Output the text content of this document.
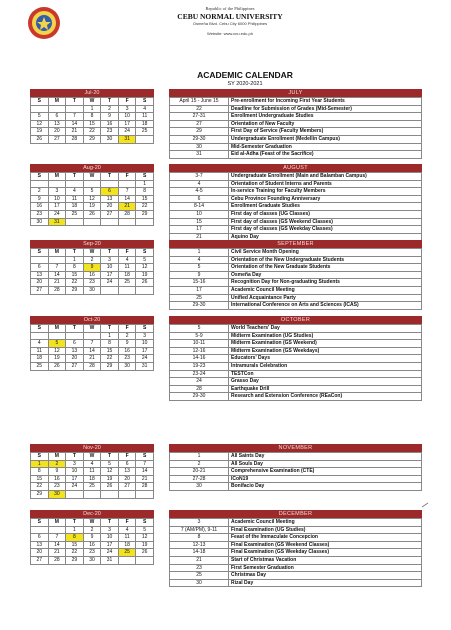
Republic of the Philippines
CEBU NORMAL UNIVERSITY
Osmeña Blvd. Cebu City 6000 Philippines
Website: www.cnu.edu.ph
ACADEMIC CALENDAR
SY 2020-2021
Jul-20
S	M	T	W	T	F	S
			1	2	3	4
5	6	7	8	9	10	11
12	13	14	15	16	17	18
19	20	21	22	23	24	25
26	27	28	29	30	31	
Aug-20
S	M	T	W	T	F	S
						1
2	3	4	5	6	7	8
9	10	11	12	13	14	15
16	17	18	19	20	21	22
23	24	25	26	27	28	29
30	31					
Sep-20
S	M	T	W	T	F	S
		1	2	3	4	5
6	7	8	9	10	11	12
13	14	15	16	17	18	19
20	21	22	23	24	25	26
27	28	29	30			
Oct-20
S	M	T	W	T	F	S
				1	2	3
4	5	6	7	8	9	10
11	12	13	14	15	16	17
18	19	20	21	22	23	24
25	26	27	28	29	30	31
Nov-20
S	M	T	W	T	F	S
1	2	3	4	5	6	7
8	9	10	11	12	13	14
15	16	17	18	19	20	21
22	23	24	25	26	27	28
29	30					
Dec-20
S	M	T	W	T	F	S
		1	2	3	4	5
6	7	8	9	10	11	12
13	14	15	16	17	18	19
20	21	22	23	24	25	26
27	28	29	30	31		
JULY
April 15 - June 15	Pre-enrollment for Incoming First Year Students
22	Deadline for Submission of Grades (Mid-Semester)
27-31	Enrollment Undergraduate Studies
27	Orientation of New Faculty
29	First Day of Service (Faculty Members)
29-30	Undergraduate Enrollment (Medellin Campus)
30	Mid-Semester Graduation
31	Eid al-Adha (Feast of the Sacrifice)
AUGUST
3-7	Undergraduate Enrollment (Main and Balamban Campus)
4	Orientation of Student Interns and Parents
4-5	In-service Training for Faculty Members
6	Cebu Province Founding Anniversary
8-14	Enrollment Graduate Studies
10	First day of classes (UG Classes)
15	First day of classes (GS Weekend Classes)
17	First day of classes (GS Weekday Classes)
21	Aquino Day

SEPTEMBER
1	Civil Service Month Opening
4	Orientation of the New Undergraduate Students
5	Orientation of the New Graduate Students
9	Osmeña Day
15-16	Recognition Day for Non-graduating Students
17	Academic Council Meeting
25	Unified Acquaintance Party
29-30	International Conference on Arts and Sciences (ICAS)
OCTOBER
5	World Teachers' Day
5-9	Midterm Examination (UG Studies)
10-11	Midterm Examination (GS Weekend)
12-16	Midterm Examination (GS Weekdays)
14-16	Educators' Days
19-23	Intramurals Celebration
23-24	TESTCon
24	Grasso Day
28	Earthquake Drill
29-30	Research and Extension Conference (REaCon)
NOVEMBER
1	All Saints Day
2	All Souls Day
20-21	Comprehensive Examination (CTE)
27-28	ICoN19
30	Bonifacio Day
DECEMBER
3	Academic Council Meeting
7 (AM/PM), 9-11	Final Examination (UG Studies)
8	Feast of the Immaculate Concepcion
12-13	Final Examination (GS Weekend Classes)
14-18	Final Examination (GS Weekday Classes)
21	Start of Christmas Vacation
23	First Semester Graduation
25	Christmas Day
30	Rizal Day
